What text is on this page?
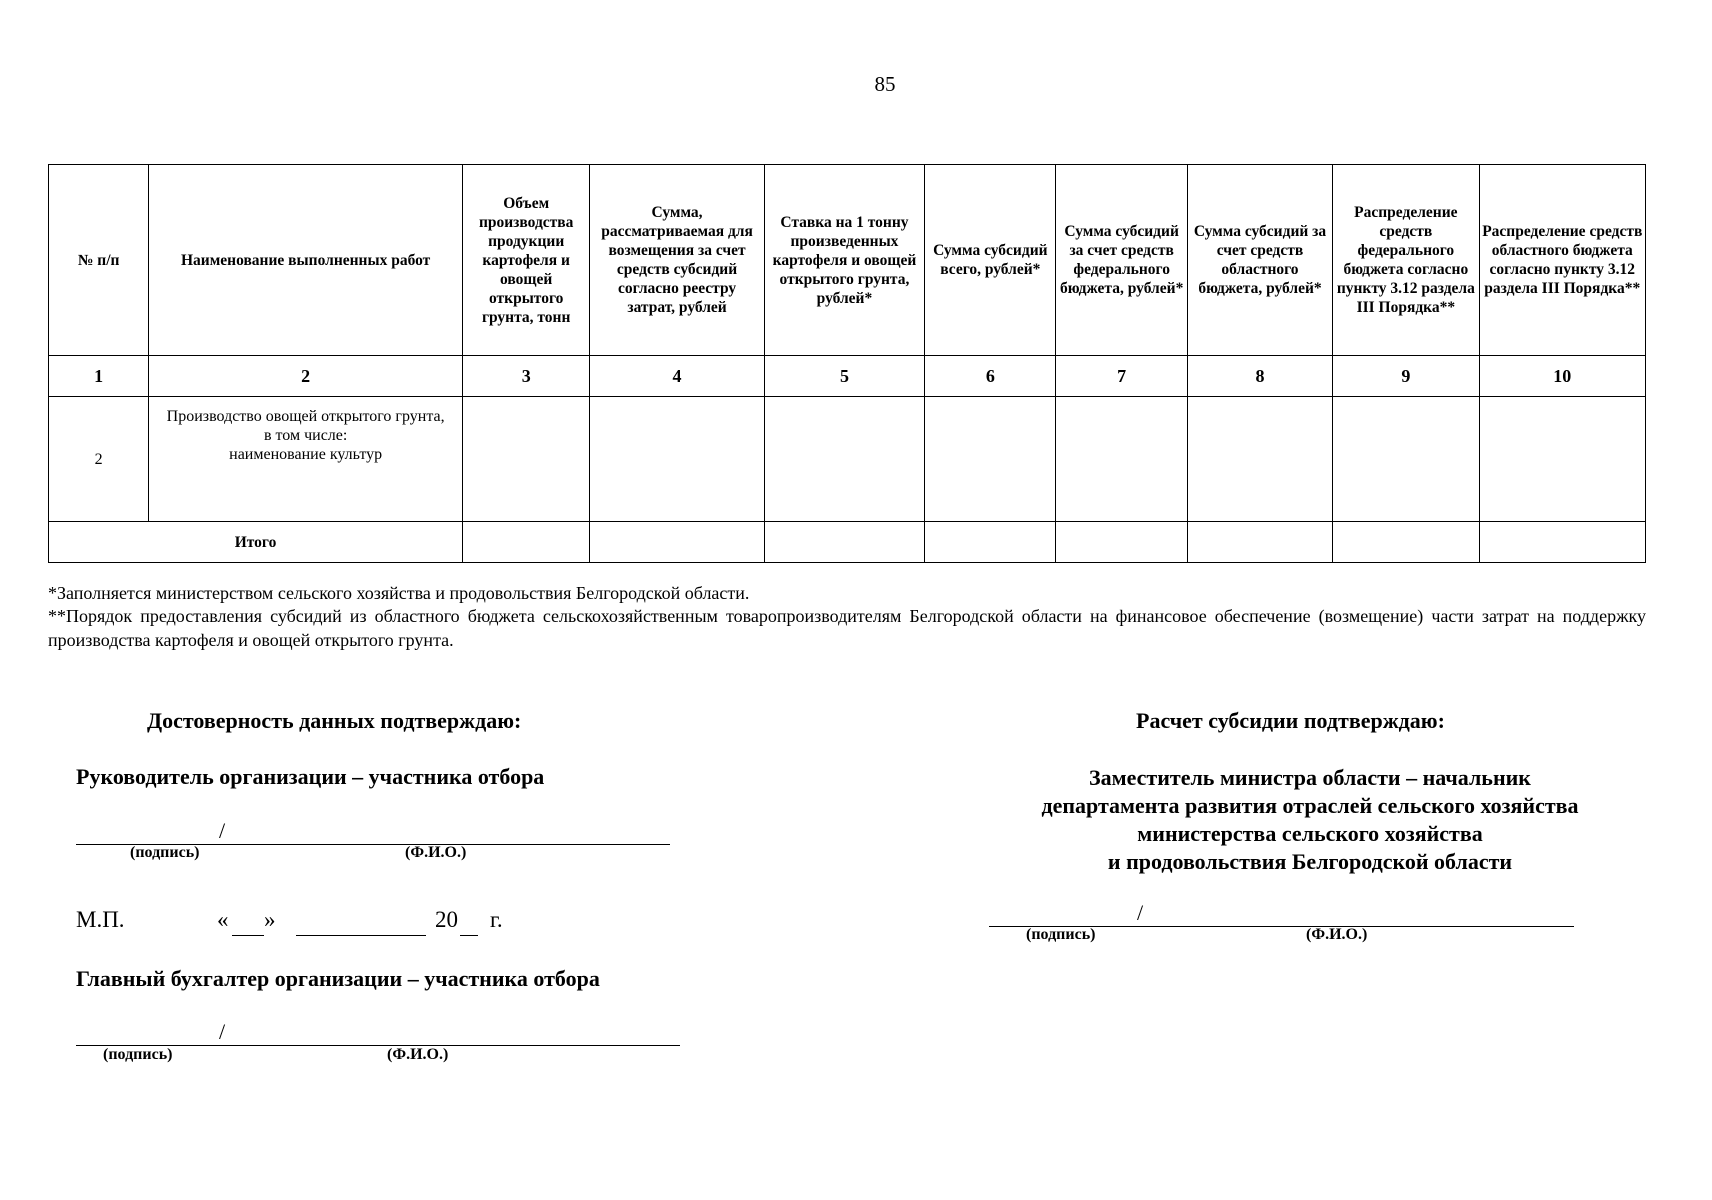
85
№ п/п	Наименование выполненных работ	Объем производства продукции картофеля и овощей открытого грунта, тонн	Сумма, рассматриваемая для возмещения за счет средств субсидий согласно реестру затрат, рублей	Ставка на 1 тонну произведенных картофеля и овощей открытого грунта, рублей*	Сумма субсидий всего, рублей*	Сумма субсидий за счет средств федерального бюджета, рублей*	Сумма субсидий за счет средств областного бюджета, рублей*	Распределение средств федерального бюджета согласно пункту 3.12 раздела III Порядка**	Распределение средств областного бюджета согласно пункту 3.12 раздела III Порядка**
1	2	3	4	5	6	7	8	9	10
2	Производство овощей открытого грунта,
в том числе:
наименование культур								

Итого									
*Заполняется министерством сельского хозяйства и продовольствия Белгородской области.
**Порядок предоставления субсидий из областного бюджета сельскохозяйственным товаропроизводителям Белгородской области на финансовое обеспечение (возмещение) части затрат на поддержку производства картофеля и овощей открытого грунта.
Достоверность данных подтверждаю:
Руководитель организации – участника отбора
/
(подпись)	(Ф.И.О.)
М.П.	« »	20 г.
Главный бухгалтер организации – участника отбора
/
(подпись)	(Ф.И.О.)
Расчет субсидии подтверждаю:
Заместитель министра области – начальник
департамента развития отраслей сельского хозяйства
министерства сельского хозяйства
и продовольствия Белгородской области
/
(подпись)	(Ф.И.О.)
